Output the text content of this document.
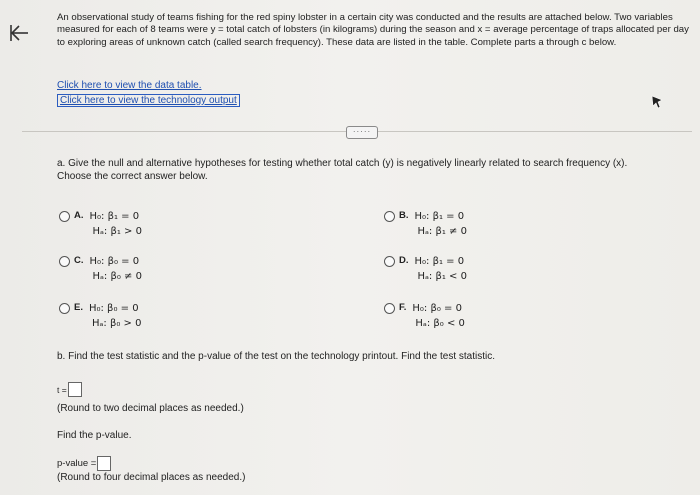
An observational study of teams fishing for the red spiny lobster in a certain city was conducted and the results are attached below. Two variables measured for each of 8 teams were y = total catch of lobsters (in kilograms) during the season and x = average percentage of traps allocated per day to exploring areas of unknown catch (called search frequency). These data are listed in the table. Complete parts a through c below.
Click here to view the data table.
Click here to view the technology output
·····
a. Give the null and alternative hypotheses for testing whether total catch (y) is negatively linearly related to search frequency (x). Choose the correct answer below.
A. H₀: β₁ = 0
Hₐ: β₁ > 0
B. H₀: β₁ = 0
Hₐ: β₁ ≠ 0
C. H₀: β₀ = 0
Hₐ: β₀ ≠ 0
D. H₀: β₁ = 0
Hₐ: β₁ < 0
E. H₀: β₀ = 0
Hₐ: β₀ > 0
F. H₀: β₀ = 0
Hₐ: β₀ < 0
b. Find the test statistic and the p-value of the test on the technology printout. Find the test statistic.
t =
(Round to two decimal places as needed.)
Find the p-value.
p-value =
(Round to four decimal places as needed.)
